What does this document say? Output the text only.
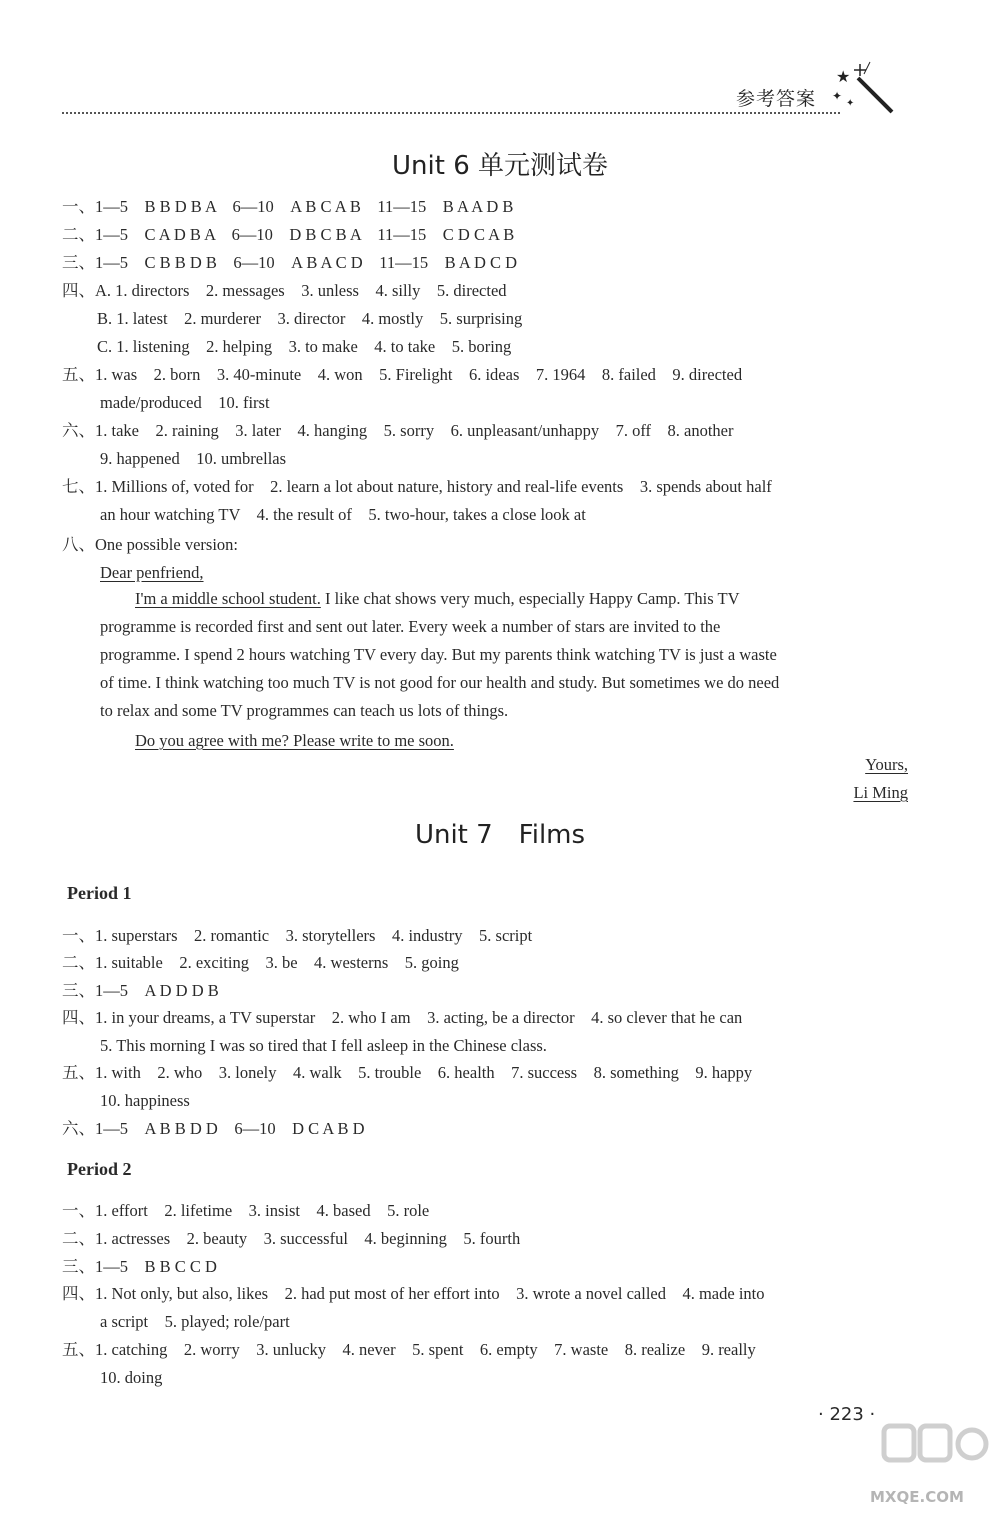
参考答案
★
✦
✦
Unit 6 单元测试卷
一、1—5　B B D B A　6—10　A B C A B　11—15　B A A D B
二、1—5　C A D B A　6—10　D B C B A　11—15　C D C A B
三、1—5　C B B D B　6—10　A B A C D　11—15　B A D C D
四、A. 1. directors　2. messages　3. unless　4. silly　5. directed
B. 1. latest　2. murderer　3. director　4. mostly　5. surprising
C. 1. listening　2. helping　3. to make　4. to take　5. boring
五、1. was　2. born　3. 40-minute　4. won　5. Firelight　6. ideas　7. 1964　8. failed　9. directed
made/produced　10. first
六、1. take　2. raining　3. later　4. hanging　5. sorry　6. unpleasant/unhappy　7. off　8. another
9. happened　10. umbrellas
七、1. Millions of, voted for　2. learn a lot about nature, history and real-life events　3. spends about half
an hour watching TV　4. the result of　5. two-hour, takes a close look at
八、One possible version:
Dear penfriend,
I'm a middle school student. I like chat shows very much, especially Happy Camp. This TV
programme is recorded first and sent out later. Every week a number of stars are invited to the
programme. I spend 2 hours watching TV every day. But my parents think watching TV is just a waste
of time. I think watching too much TV is not good for our health and study. But sometimes we do need
to relax and some TV programmes can teach us lots of things.
Do you agree with me? Please write to me soon.
Yours,
Li Ming
Unit 7 Films
Period 1
一、1. superstars　2. romantic　3. storytellers　4. industry　5. script
二、1. suitable　2. exciting　3. be　4. westerns　5. going
三、1—5　A D D D B
四、1. in your dreams, a TV superstar　2. who I am　3. acting, be a director　4. so clever that he can
5. This morning I was so tired that I fell asleep in the Chinese class.
五、1. with　2. who　3. lonely　4. walk　5. trouble　6. health　7. success　8. something　9. happy
10. happiness
六、1—5　A B B D D　6—10　D C A B D
Period 2
一、1. effort　2. lifetime　3. insist　4. based　5. role
二、1. actresses　2. beauty　3. successful　4. beginning　5. fourth
三、1—5　B B C C D
四、1. Not only, but also, likes　2. had put most of her effort into　3. wrote a novel called　4. made into
a script　5. played; role/part
五、1. catching　2. worry　3. unlucky　4. never　5. spent　6. empty　7. waste　8. realize　9. really
10. doing
· 223 ·
MXQE.COM
